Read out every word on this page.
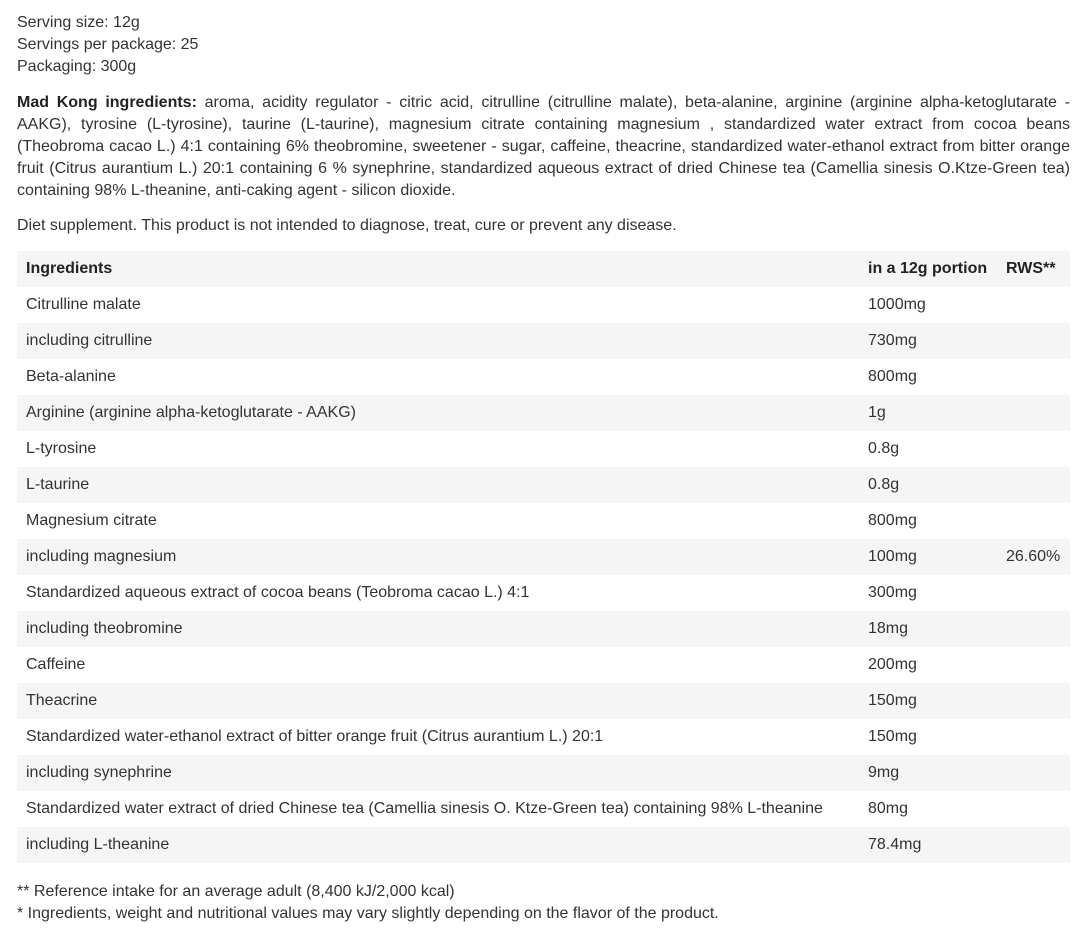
Serving size: 12g
Servings per package: 25
Packaging: 300g
Mad Kong ingredients: aroma, acidity regulator - citric acid, citrulline (citrulline malate), beta-alanine, arginine (arginine alpha-ketoglutarate - AAKG), tyrosine (L-tyrosine), taurine (L-taurine), magnesium citrate containing magnesium , standardized water extract from cocoa beans (Theobroma cacao L.) 4:1 containing 6% theobromine, sweetener - sugar, caffeine, theacrine, standardized water-ethanol extract from bitter orange fruit (Citrus aurantium L.) 20:1 containing 6 % synephrine, standardized aqueous extract of dried Chinese tea (Camellia sinesis O.Ktze-Green tea) containing 98% L-theanine, anti-caking agent - silicon dioxide.
Diet supplement. This product is not intended to diagnose, treat, cure or prevent any disease.
Ingredients	in a 12g portion	RWS**
Citrulline malate	1000mg	
including citrulline	730mg	
Beta-alanine	800mg	
Arginine (arginine alpha-ketoglutarate - AAKG)	1g	
L-tyrosine	0.8g	
L-taurine	0.8g	
Magnesium citrate	800mg	
including magnesium	100mg	26.60%
Standardized aqueous extract of cocoa beans (Teobroma cacao L.) 4:1	300mg	
including theobromine	18mg	
Caffeine	200mg	
Theacrine	150mg	
Standardized water-ethanol extract of bitter orange fruit (Citrus aurantium L.) 20:1	150mg	
including synephrine	9mg	
Standardized water extract of dried Chinese tea (Camellia sinesis O. Ktze-Green tea) containing 98% L-theanine	80mg	
including L-theanine	78.4mg	
** Reference intake for an average adult (8,400 kJ/2,000 kcal)
* Ingredients, weight and nutritional values may vary slightly depending on the flavor of the product.
